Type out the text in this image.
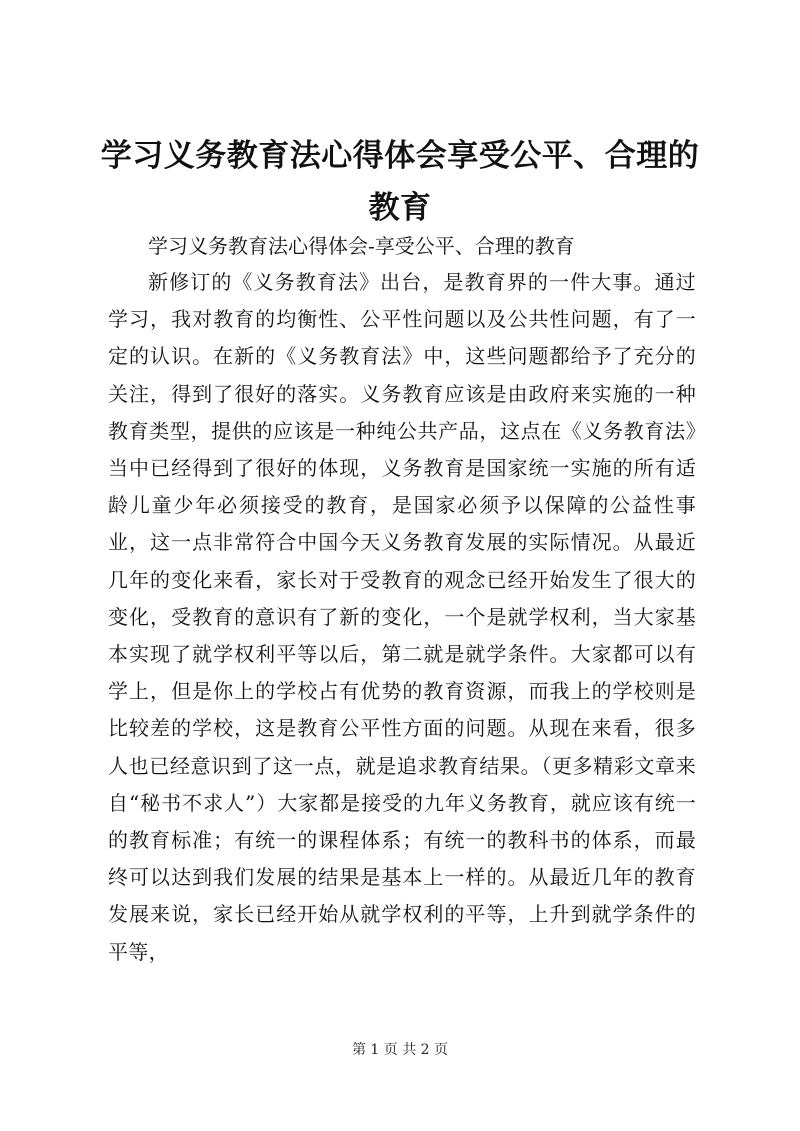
学习义务教育法心得体会享受公平、合理的教育

学习义务教育法心得体会-享受公平、合理的教育

新修订的《义务教育法》出台，是教育界的一件大事。通过学习，我对教育的均衡性、公平性问题以及公共性问题，有了一定的认识。在新的《义务教育法》中，这些问题都给予了充分的关注，得到了很好的落实。义务教育应该是由政府来实施的一种教育类型，提供的应该是一种纯公共产品，这点在《义务教育法》当中已经得到了很好的体现，义务教育是国家统一实施的所有适龄儿童少年必须接受的教育，是国家必须予以保障的公益性事业，这一点非常符合中国今天义务教育发展的实际情况。从最近几年的变化来看，家长对于受教育的观念已经开始发生了很大的变化，受教育的意识有了新的变化，一个是就学权利，当大家基本实现了就学权利平等以后，第二就是就学条件。大家都可以有学上，但是你上的学校占有优势的教育资源，而我上的学校则是比较差的学校，这是教育公平性方面的问题。从现在来看，很多人也已经意识到了这一点，就是追求教育结果。（更多精彩文章来自“秘书不求人”）大家都是接受的九年义务教育，就应该有统一的教育标准；有统一的课程体系；有统一的教科书的体系，而最终可以达到我们发展的结果是基本上一样的。从最近几年的教育发展来说，家长已经开始从就学权利的平等，上升到就学条件的平等，

第 1 页 共 2 页
